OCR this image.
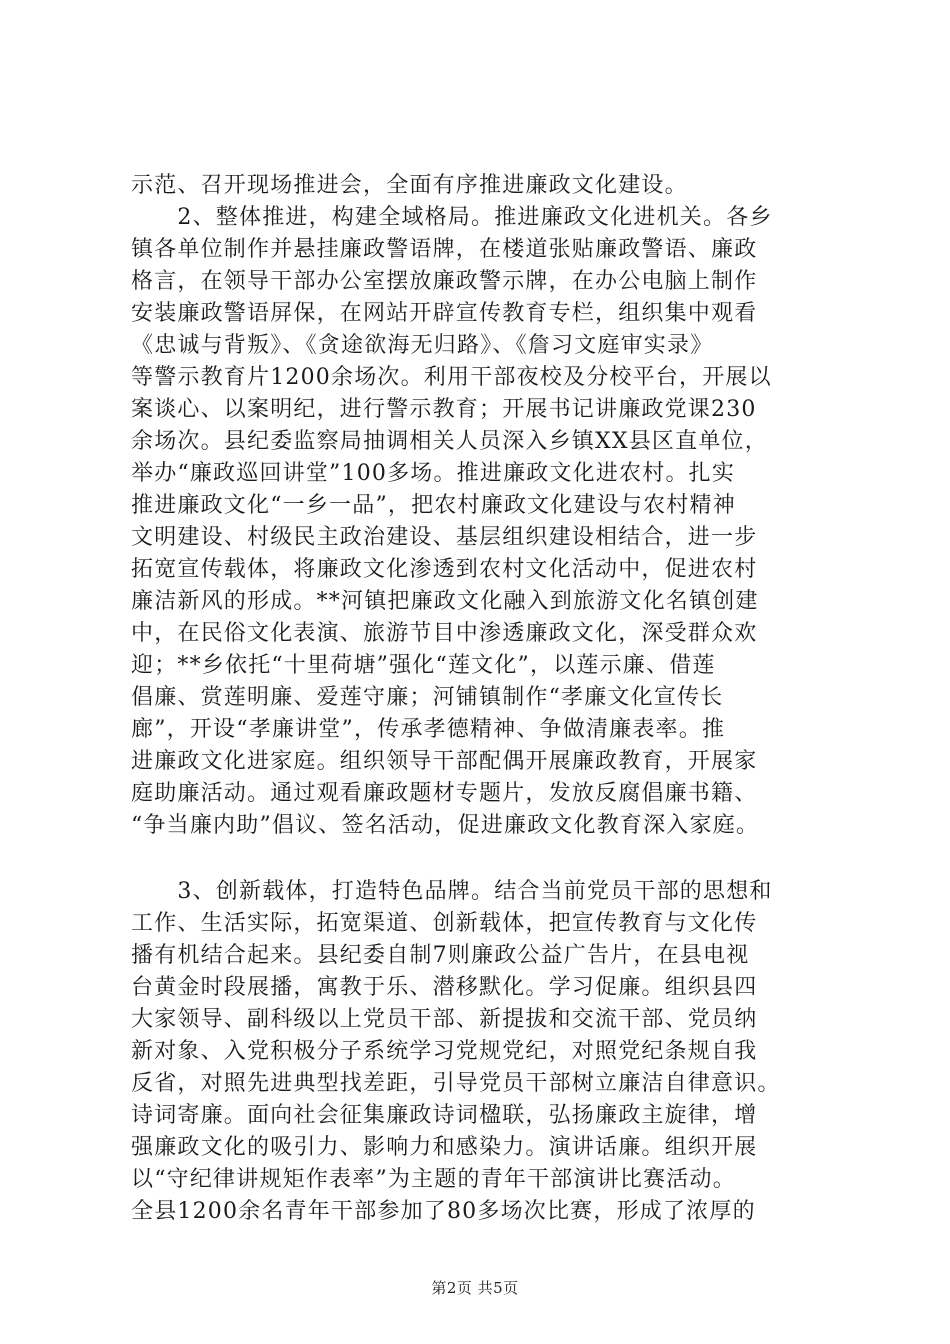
示范、召开现场推进会，全面有序推进廉政文化建设。
　　2、整体推进，构建全域格局。推进廉政文化进机关。各乡
镇各单位制作并悬挂廉政警语牌，在楼道张贴廉政警语、廉政
格言，在领导干部办公室摆放廉政警示牌，在办公电脑上制作
安装廉政警语屏保，在网站开辟宣传教育专栏，组织集中观看
《忠诚与背叛》、《贪途欲海无归路》、《詹习文庭审实录》
等警示教育片1200余场次。利用干部夜校及分校平台，开展以
案谈心、以案明纪，进行警示教育；开展书记讲廉政党课230
余场次。县纪委监察局抽调相关人员深入乡镇XX县区直单位，
举办“廉政巡回讲堂”100多场。推进廉政文化进农村。扎实
推进廉政文化“一乡一品”，把农村廉政文化建设与农村精神
文明建设、村级民主政治建设、基层组织建设相结合，进一步
拓宽宣传载体，将廉政文化渗透到农村文化活动中，促进农村
廉洁新风的形成。**河镇把廉政文化融入到旅游文化名镇创建
中，在民俗文化表演、旅游节目中渗透廉政文化，深受群众欢
迎；**乡依托“十里荷塘”强化“莲文化”，以莲示廉、借莲
倡廉、赏莲明廉、爱莲守廉；河铺镇制作“孝廉文化宣传长
廊”，开设“孝廉讲堂”，传承孝德精神、争做清廉表率。推
进廉政文化进家庭。组织领导干部配偶开展廉政教育，开展家
庭助廉活动。通过观看廉政题材专题片，发放反腐倡廉书籍、
“争当廉内助”倡议、签名活动，促进廉政文化教育深入家庭。
　　3、创新载体，打造特色品牌。结合当前党员干部的思想和
工作、生活实际，拓宽渠道、创新载体，把宣传教育与文化传
播有机结合起来。县纪委自制7则廉政公益广告片，在县电视
台黄金时段展播，寓教于乐、潜移默化。学习促廉。组织县四
大家领导、副科级以上党员干部、新提拔和交流干部、党员纳
新对象、入党积极分子系统学习党规党纪，对照党纪条规自我
反省，对照先进典型找差距，引导党员干部树立廉洁自律意识。
诗词寄廉。面向社会征集廉政诗词楹联，弘扬廉政主旋律，增
强廉政文化的吸引力、影响力和感染力。演讲话廉。组织开展
以“守纪律讲规矩作表率”为主题的青年干部演讲比赛活动。
全县1200余名青年干部参加了80多场次比赛，形成了浓厚的
第2页 共5页
